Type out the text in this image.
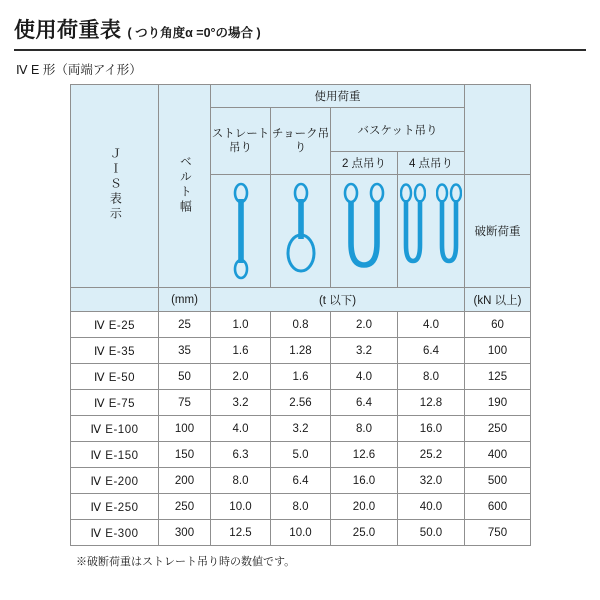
使用荷重表 ( つり角度α =0°の場合 )
Ⅳ E 形（両端アイ形）
ＪＩＳ表示	ベルト幅	使用荷重				
		ストレート吊り	チョーク吊り	バスケット吊り		
				2 点吊り	4 点吊り	

	破断荷重
	(mm)	(t 以下)				(kN 以上)
Ⅳ E-25	25	1.0	0.8	2.0	4.0	60
Ⅳ E-35	35	1.6	1.28	3.2	6.4	100
Ⅳ E-50	50	2.0	1.6	4.0	8.0	125
Ⅳ E-75	75	3.2	2.56	6.4	12.8	190
Ⅳ E-100	100	4.0	3.2	8.0	16.0	250
Ⅳ E-150	150	6.3	5.0	12.6	25.2	400
Ⅳ E-200	200	8.0	6.4	16.0	32.0	500
Ⅳ E-250	250	10.0	8.0	20.0	40.0	600
Ⅳ E-300	300	12.5	10.0	25.0	50.0	750
※破断荷重はストレート吊り時の数値です。
